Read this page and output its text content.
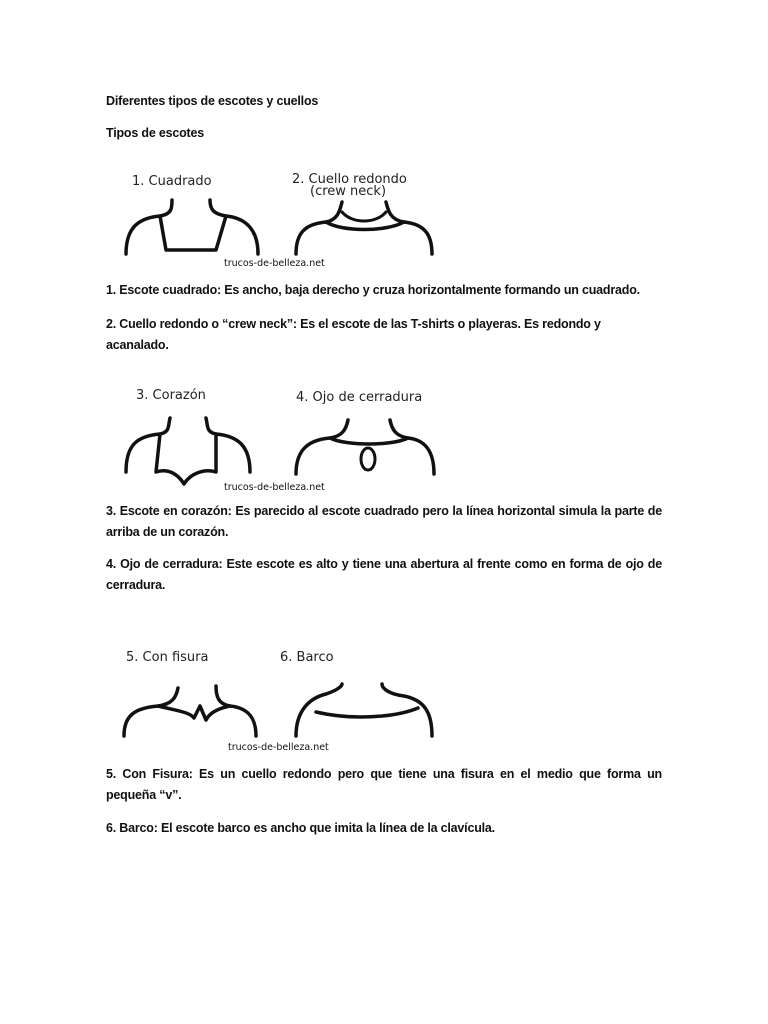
Diferentes tipos de escotes y cuellos
Tipos de escotes
1. Cuadrado	2. Cuello redondo
(crew neck)
trucos-de-belleza.net
1. Escote cuadrado: Es ancho, baja derecho y cruza horizontalmente formando un cuadrado.
2. Cuello redondo o “crew neck”: Es el escote de las T-shirts o playeras. Es redondo y acanalado.
3. Corazón	4. Ojo de cerradura
trucos-de-belleza.net
3. Escote en corazón: Es parecido al escote cuadrado pero la línea horizontal simula la parte de arriba de un corazón.
4. Ojo de cerradura: Este escote es alto y tiene una abertura al frente como en forma de ojo de cerradura.
5. Con fisura	6. Barco
trucos-de-belleza.net
5. Con Fisura: Es un cuello redondo pero que tiene una fisura en el medio que forma un pequeña “v”.
6. Barco: El escote barco es ancho que imita la línea de la clavícula.
